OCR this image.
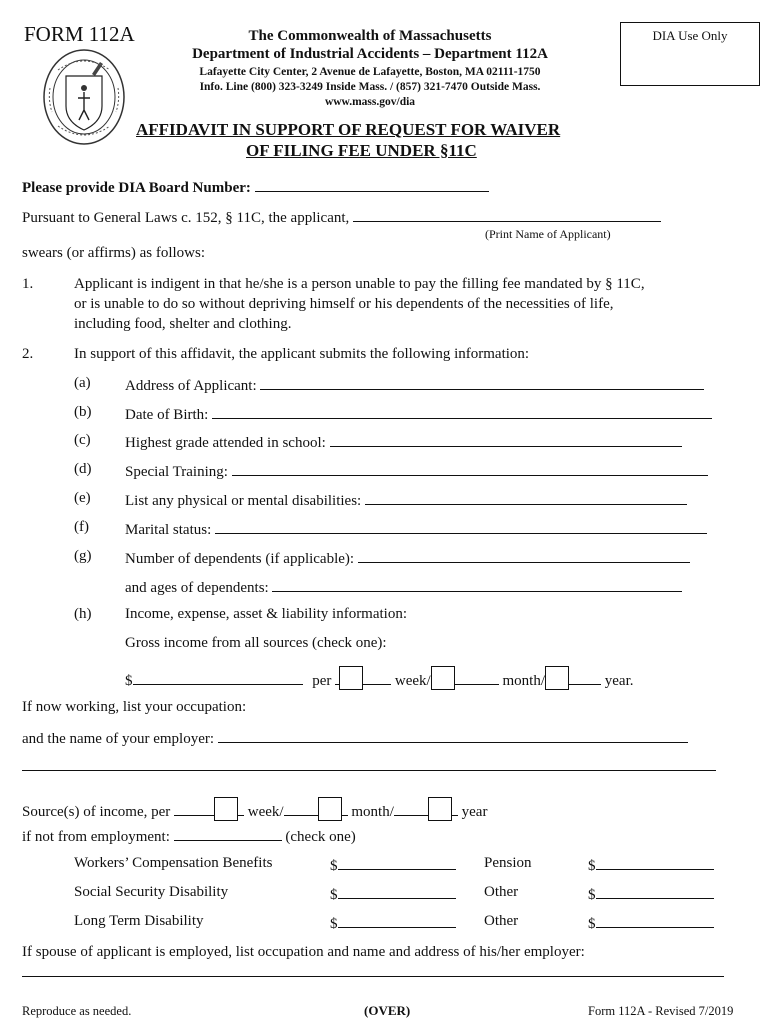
FORM 112A	The Commonwealth of Massachusetts
Department of Industrial Accidents – Department 112A
Lafayette City Center, 2 Avenue de Lafayette, Boston, MA 02111-1750
Info. Line (800) 323-3249 Inside Mass. / (857) 321-7470 Outside Mass.
www.mass.gov/dia
DIA Use Only
AFFIDAVIT IN SUPPORT OF REQUEST FOR WAIVER
OF FILING FEE UNDER §11C
Please provide DIA Board Number:
Pursuant to General Laws c. 152, § 11C, the applicant,
(Print Name of Applicant)
swears (or affirms) as follows:
1.	Applicant is indigent in that he/she is a person unable to pay the filling fee mandated by § 11C,
or is unable to do so without depriving himself or his dependents of the necessities of life,
including food, shelter and clothing.
2.	In support of this affidavit, the applicant submits the following information:
(a) Address of Applicant:
(b) Date of Birth:
(c) Highest grade attended in school:
(d) Special Training:
(e) List any physical or mental disabilities:
(f) Marital status:
(g) Number of dependents (if applicable):
and ages of dependents:
(h) Income, expense, asset & liability information:
Gross income from all sources (check one):
$	per	week/	month/	year.
If now working, list your occupation:
and the name of your employer:
Source(s) of income, per	week/	month/	year
if not from employment:	(check one)
Workers’ Compensation Benefits	$	Pension	$
Social Security Disability	$	Other	$
Long Term Disability	$	Other	$
If spouse of applicant is employed, list occupation and name and address of his/her employer:
Reproduce as needed.	(OVER)	Form 112A - Revised 7/2019
